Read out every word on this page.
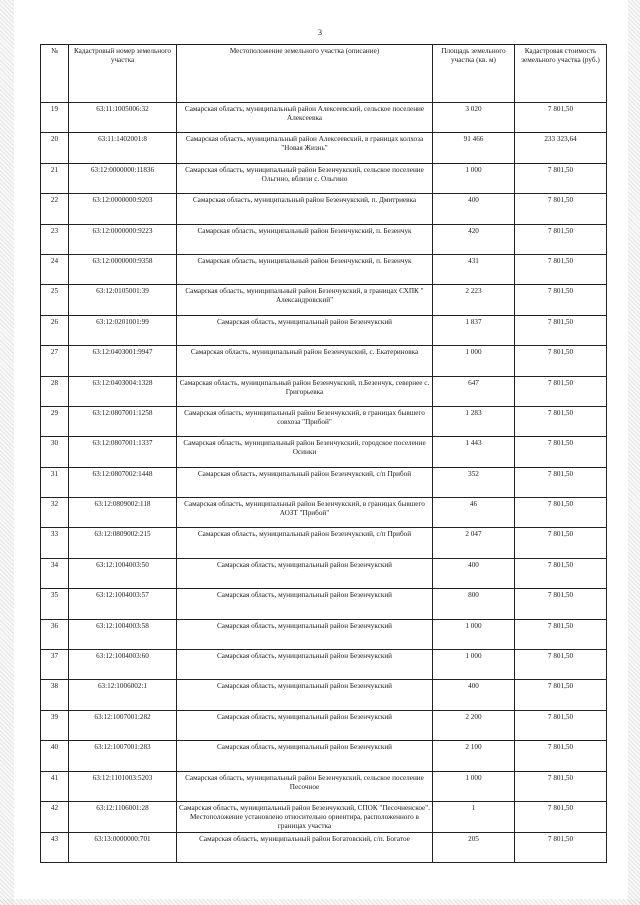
3
№	Кадастровый номер земельного участка	Местоположение земельного участка (описание)	Площадь земельного участка (кв. м)	Кадастровая стоимость земельного участка (руб.)
19	63:11:1005006:32	Самарская область, муниципальный район Алексеевский, сельское поселение Алексеевка	3 020	7 801,50
20	63:11:1402001:8	Самарская область, муниципальный район Алексеевский, в границах колхоза "Новая Жизнь"	91 466	233 323,64
21	63:12:0000000:11836	Самарская область, муниципальный район Безенчукский, сельское поселение Ольгино, вблизи с. Ольгино	1 000	7 801,50
22	63:12:0000000:9203	Самарская область, муниципальный район Безенчукский, п. Дмитриевка	400	7 801,50
23	63:12:0000000:9223	Самарская область, муниципальный район Безенчукский, п. Безенчук	420	7 801,50
24	63:12:0000000:9358	Самарская область, муниципальный район Безенчукский, п. Безенчук	431	7 801,50
25	63:12:0105001:39	Самарская область, муниципальный район Безенчукский, в границах СХПК " Александровский"	2 223	7 801,50
26	63:12:0201001:99	Самарская область, муниципальный район Безенчукский	1 837	7 801,50
27	63:12:0403001:9947	Самарская область, муниципальный район Безенчукский, с. Екатериновка	1 000	7 801,50
28	63:12:0403004:1328	Самарская область, муниципальный район Безенчукский, п.Безенчук, севернее с. Григорьевка	647	7 801,50
29	63:12:0807001:1258	Самарская область, муниципальный район Безенчукский, в границах бывшего совхоза "Прибой"	1 283	7 801,50
30	63:12:0807001:1337	Самарская область, муниципальный район Безенчукский, городское поселение Осинки	1 443	7 801,50
31	63:12:0807002:1448	Самарская область, муниципальный район Безенчукский, с/п Прибой	352	7 801,50
32	63:12:0809002:118	Самарская область, муниципальный район Безенчукский, в границах бывшего АОЗТ "Прибой"	46	7 801,50
33	63:12:0809002:215	Самарская область, муниципальный район Безенчукский, с/п Прибой	2 047	7 801,50
34	63:12:1004003:50	Самарская область, муниципальный район Безенчукский	400	7 801,50
35	63:12:1004003:57	Самарская область, муниципальный район Безенчукский	800	7 801,50
36	63:12:1004003:58	Самарская область, муниципальный район Безенчукский	1 000	7 801,50
37	63:12:1004003:60	Самарская область, муниципальный район Безенчукский	1 000	7 801,50
38	63:12:1006002:1	Самарская область, муниципальный район Безенчукский	400	7 801,50
39	63:12:1007001:282	Самарская область, муниципальный район Безенчукский	2 200	7 801,50
40	63:12:1007001:283	Самарская область, муниципальный район Безенчукский	2 100	7 801,50
41	63:12:1101003:5203	Самарская область, муниципальный район Безенчукский, сельское поселение Песочное	1 000	7 801,50
42	63:12:1106001:28	Самарская область, муниципальный район Безенчукский, СПОК "Песочненское". Местоположение установлено относительно ориентира, расположенного в границах участка	1	7 801,50
43	63:13:0000000:701	Самарская область, муниципальный район Богатовский, с/п. Богатое	205	7 801,50
